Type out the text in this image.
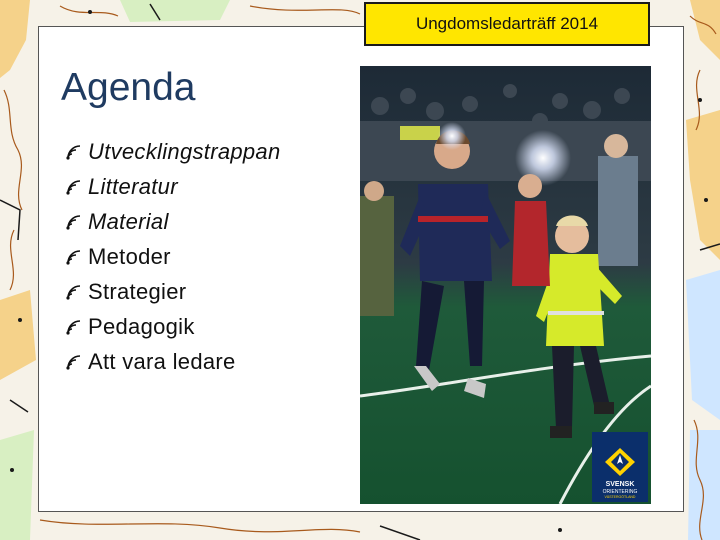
Ungdomsledarträff 2014
Agenda
Utvecklingstrappan
Litteratur
Material
Metoder
Strategier
Pedagogik
Att vara ledare
SVENSK
ORIENTERING
VÄSTERGÖTLAND
